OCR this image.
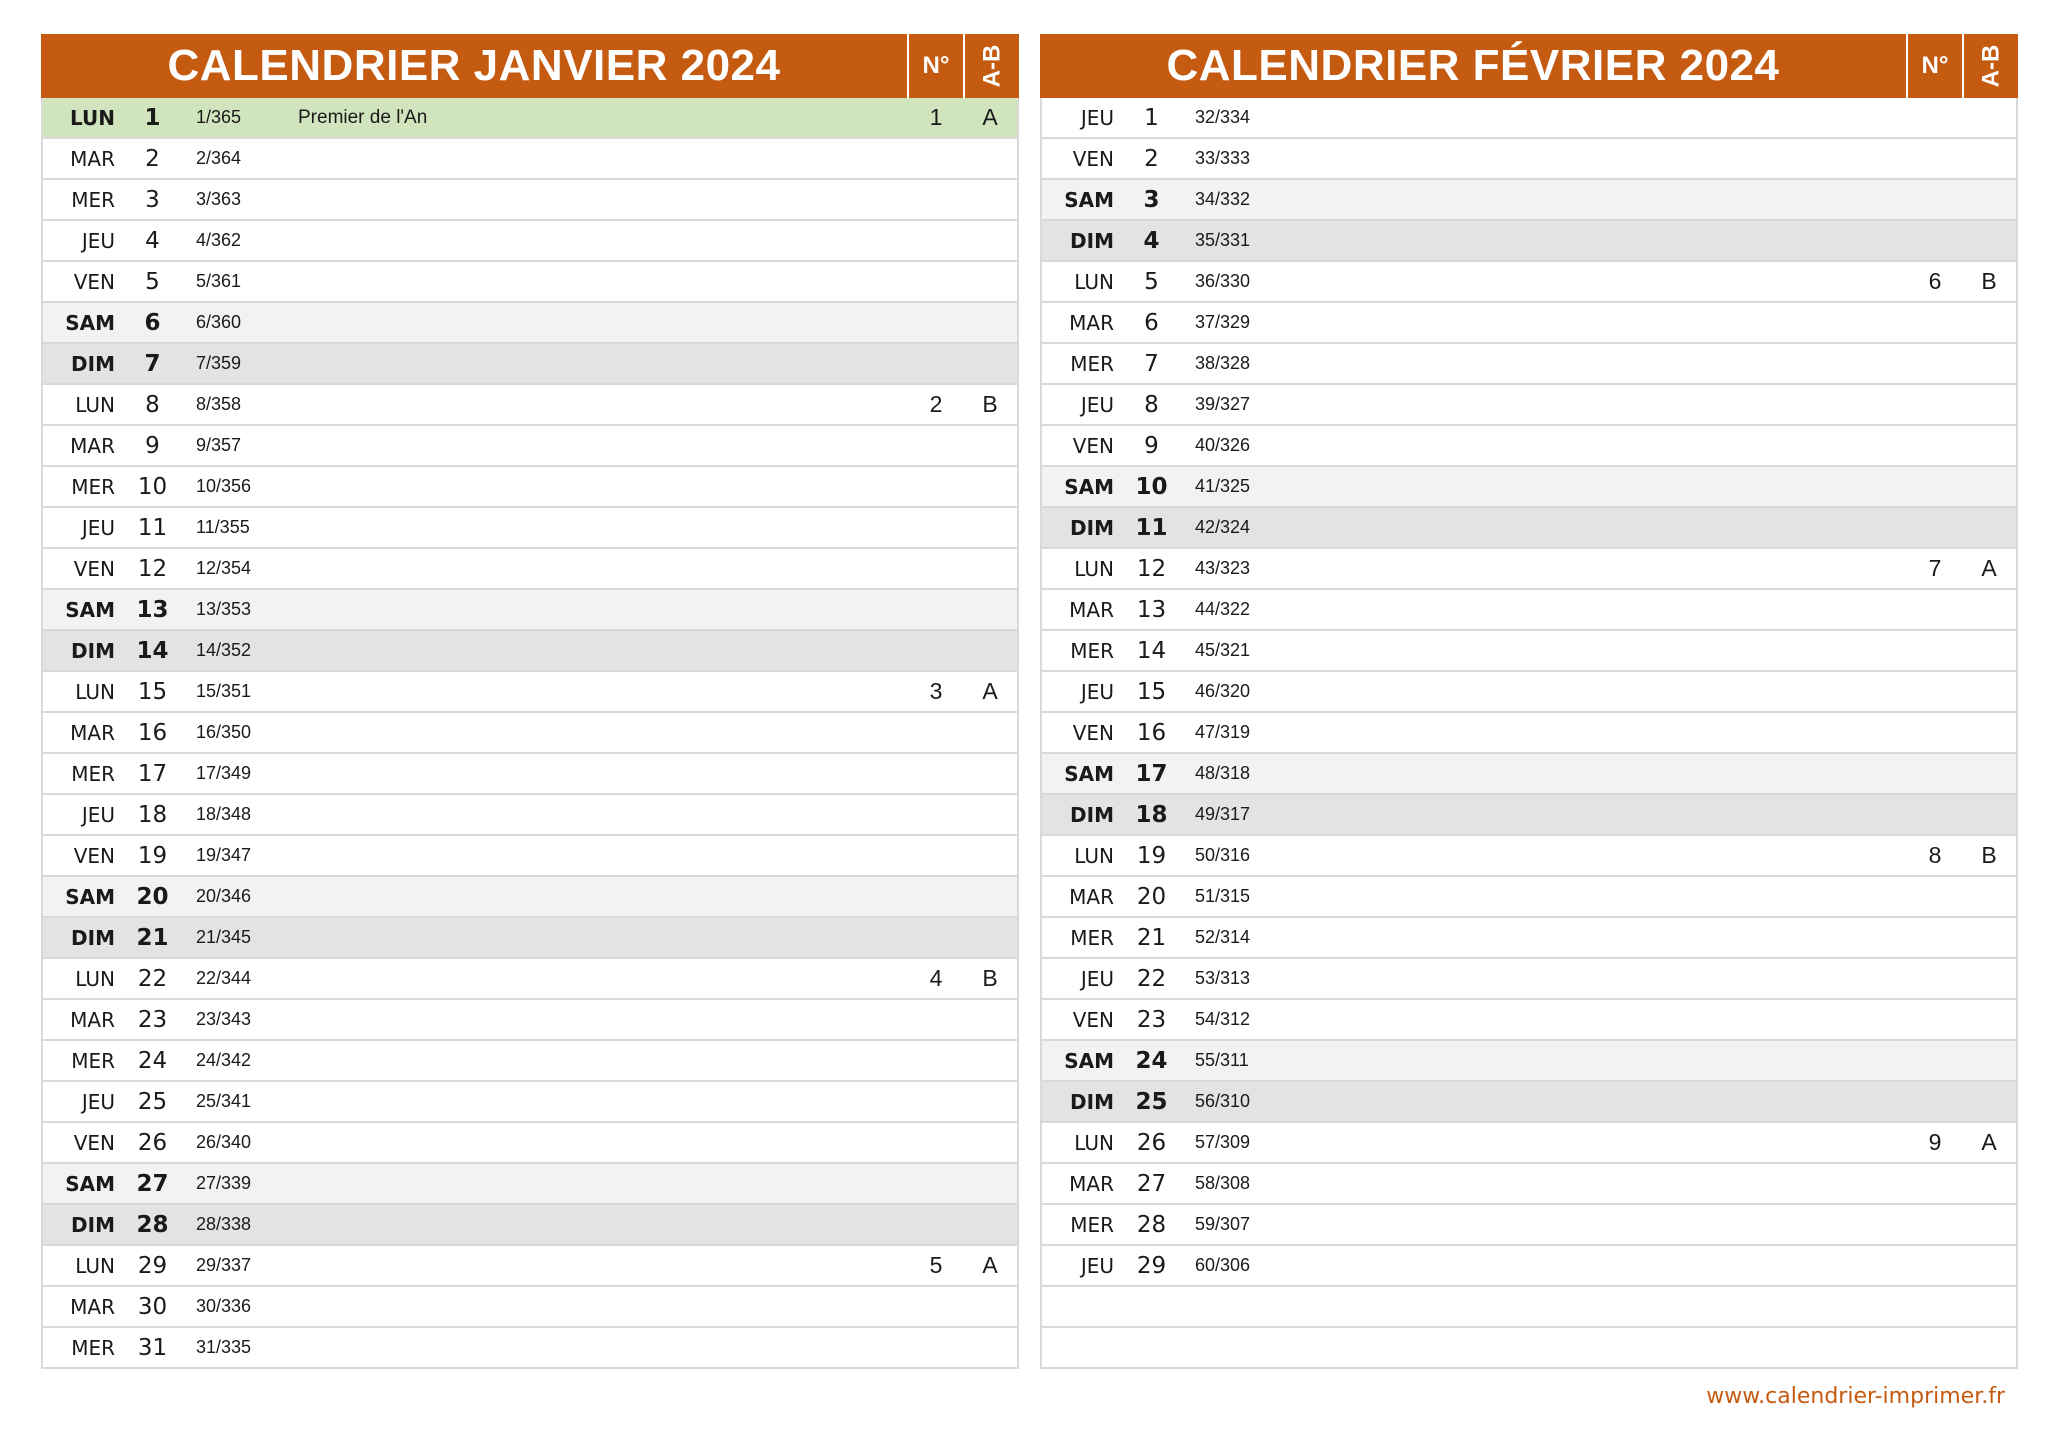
CALENDRIER JANVIER 2024	N°	A-B
LUN	1	1/365	Premier de l'An	1	A
MAR	2	2/364
MER	3	3/363
JEU	4	4/362
VEN	5	5/361
SAM	6	6/360
DIM	7	7/359
LUN	8	8/358	2	B
MAR	9	9/357
MER 10	10/356
JEU 11	11/355
VEN 12	12/354
SAM 13	13/353
DIM 14	14/352
LUN 15	15/351	3	A
MAR 16	16/350
MER 17	17/349
JEU 18	18/348
VEN 19	19/347
SAM 20	20/346
DIM 21	21/345
LUN 22	22/344	4	B
MAR 23	23/343
MER 24	24/342
JEU 25	25/341
VEN 26	26/340
SAM 27	27/339
DIM 28	28/338
LUN 29	29/337	5	A
MAR 30	30/336
MER 31	31/335
CALENDRIER FÉVRIER 2024	N°	A-B
JEU	1	32/334
VEN	2	33/333
SAM	3	34/332
DIM	4	35/331
LUN	5	36/330	6	B
MAR	6	37/329
MER	7	38/328
JEU	8	39/327
VEN	9	40/326
SAM 10	41/325
DIM 11	42/324
LUN 12	43/323	7	A
MAR 13	44/322
MER 14	45/321
JEU 15	46/320
VEN 16	47/319
SAM 17	48/318
DIM 18	49/317
LUN 19	50/316	8	B
MAR 20	51/315
MER 21	52/314
JEU 22	53/313
VEN 23	54/312
SAM 24	55/311
DIM 25	56/310
LUN 26	57/309	9	A
MAR 27	58/308
MER 28	59/307
JEU 29	60/306
www.calendrier-imprimer.fr
